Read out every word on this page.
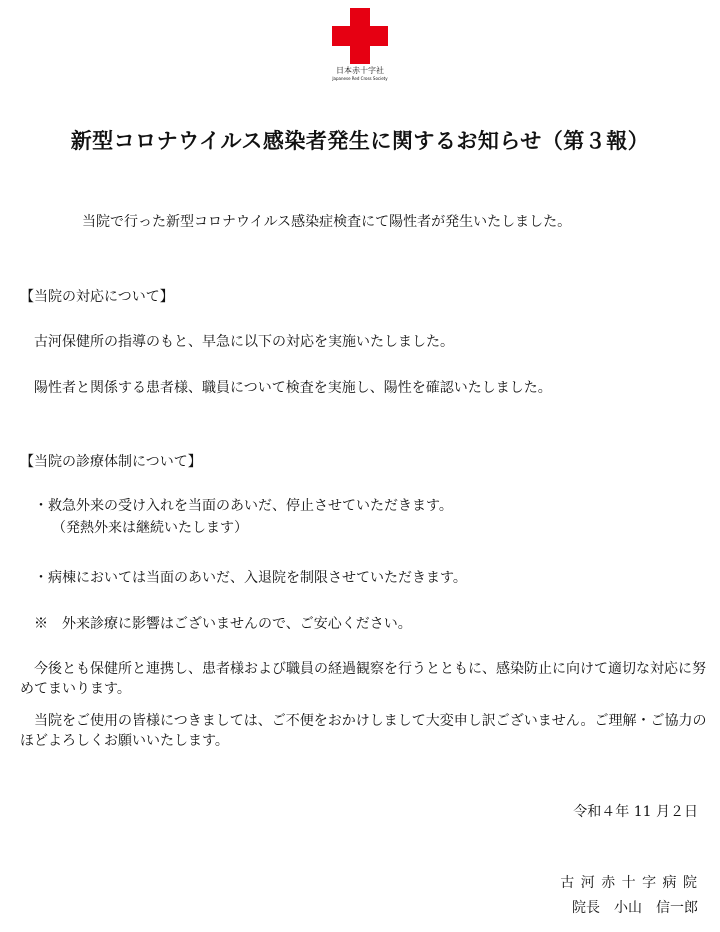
日本赤十字社
Japanese Red Cross Society
新型コロナウイルス感染者発生に関するお知らせ（第３報）

当院で行った新型コロナウイルス感染症検査にて陽性者が発生いたしました。

【当院の対応について】

古河保健所の指導のもと、早急に以下の対応を実施いたしました。

陽性者と関係する患者様、職員について検査を実施し、陽性を確認いたしました。

【当院の診療体制について】

・救急外来の受け入れを当面のあいだ、停止させていただきます。

（発熱外来は継続いたします）

・病棟においては当面のあいだ、入退院を制限させていただきます。

※　外来診療に影響はございませんので、ご安心ください。

今後とも保健所と連携し、患者様および職員の経過観察を行うとともに、感染防止に向けて適切な対応に努めてまいります。

当院をご使用の皆様につきましては、ご不便をおかけしまして大変申し訳ございません。ご理解・ご協力のほどよろしくお願いいたします。

令和４年 11 月２日

古 河 赤 十 字 病 院

院長　小山　信一郎
